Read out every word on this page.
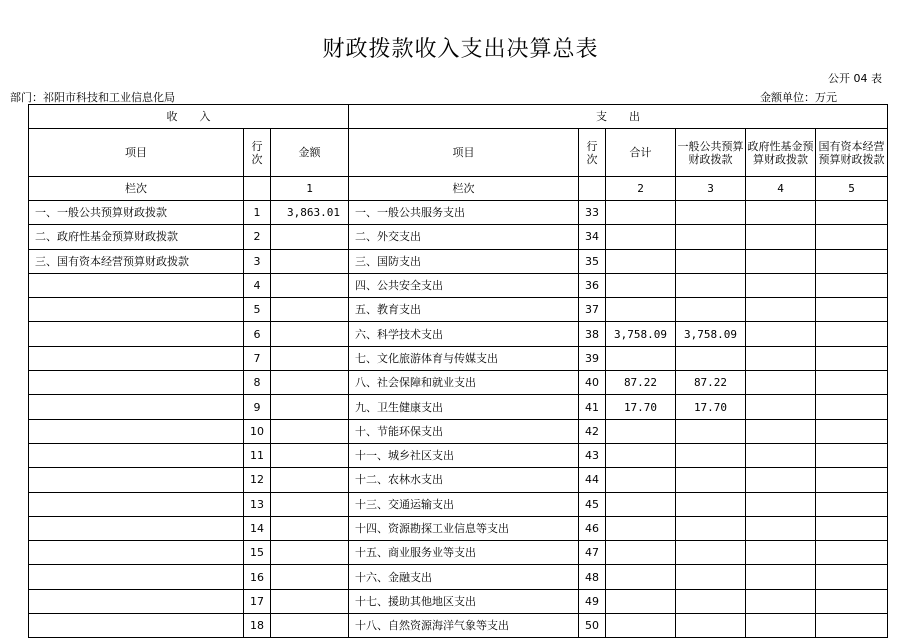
财政拨款收入支出决算总表
公开 04 表
部门：祁阳市科技和工业信息化局	金额单位：万元
收　　入			支　　出					
项目	行次	金额	项目	行次	合计	一般公共预算财政拨款	政府性基金预算财政拨款	国有资本经营预算财政拨款
栏次		1	栏次		2	3	4	5
一、一般公共预算财政拨款	1	3,863.01	一、一般公共服务支出	33				
二、政府性基金预算财政拨款	2		二、外交支出	34				
三、国有资本经营预算财政拨款	3		三、国防支出	35				
	4		四、公共安全支出	36				
	5		五、教育支出	37				
	6		六、科学技术支出	38	3,758.09	3,758.09		
	7		七、文化旅游体育与传媒支出	39				
	8		八、社会保障和就业支出	40	87.22	87.22		
	9		九、卫生健康支出	41	17.70	17.70		
	10		十、节能环保支出	42				
	11		十一、城乡社区支出	43				
	12		十二、农林水支出	44				
	13		十三、交通运输支出	45				
	14		十四、资源勘探工业信息等支出	46				
	15		十五、商业服务业等支出	47				
	16		十六、金融支出	48				
	17		十七、援助其他地区支出	49				
	18		十八、自然资源海洋气象等支出	50				
